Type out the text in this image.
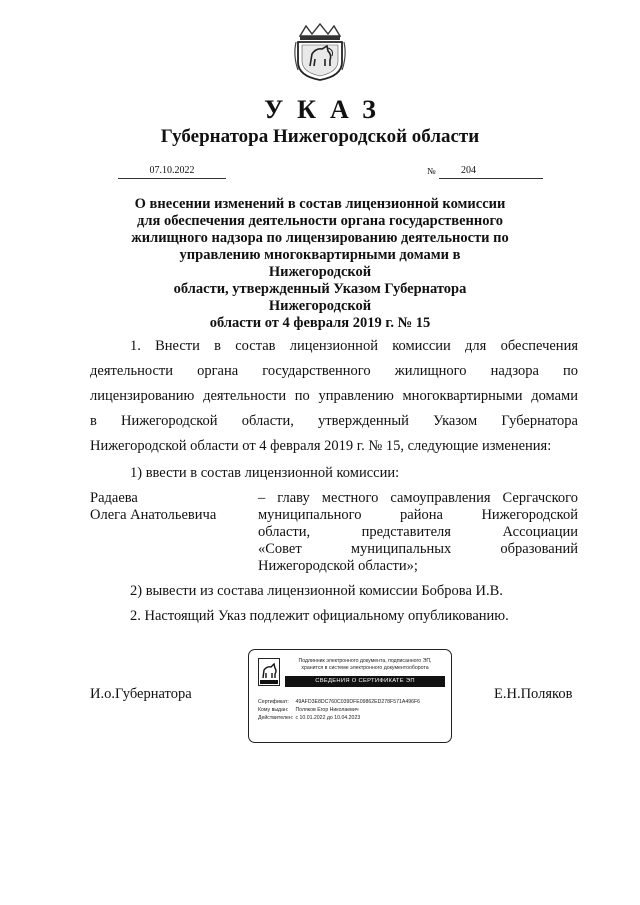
УКАЗ
Губернатора Нижегородской области
07.10.2022	№	204
О внесении изменений в состав лицензионной комиссии
для обеспечения деятельности органа государственного
жилищного надзора по лицензированию деятельности по
управлению многоквартирными домами в Нижегородской
области, утвержденный Указом Губернатора Нижегородской
области от 4 февраля 2019 г. № 15
1. Внести в состав лицензионной комиссии для обеспечения
деятельности органа государственного жилищного надзора по
лицензированию деятельности по управлению многоквартирными домами
в Нижегородской области, утвержденный Указом Губернатора
Нижегородской области от 4 февраля 2019 г. № 15, следующие изменения:
1) ввести в состав лицензионной комиссии:
Радаева
Олега Анатольевича
– главу местного самоуправления Сергачского
муниципального района Нижегородской
области, представителя Ассоциации
«Совет муниципальных образований
Нижегородской области»;
2) вывести из состава лицензионной комиссии Боброва И.В.
2. Настоящий Указ подлежит официальному опубликованию.
И.о.Губернатора	Е.Н.Поляков
Подлинник электронного документа, подписанного ЭП,
хранится в системе электронного документооборота
СВЕДЕНИЯ О СЕРТИФИКАТЕ ЭП
Сертификат: 49AFD3E8DC760C039DFE09862ED278F571A496F6
Кому выдан: Поляков Егор Николаевич
Действителен: с 10.01.2022 до 10.04.2023
